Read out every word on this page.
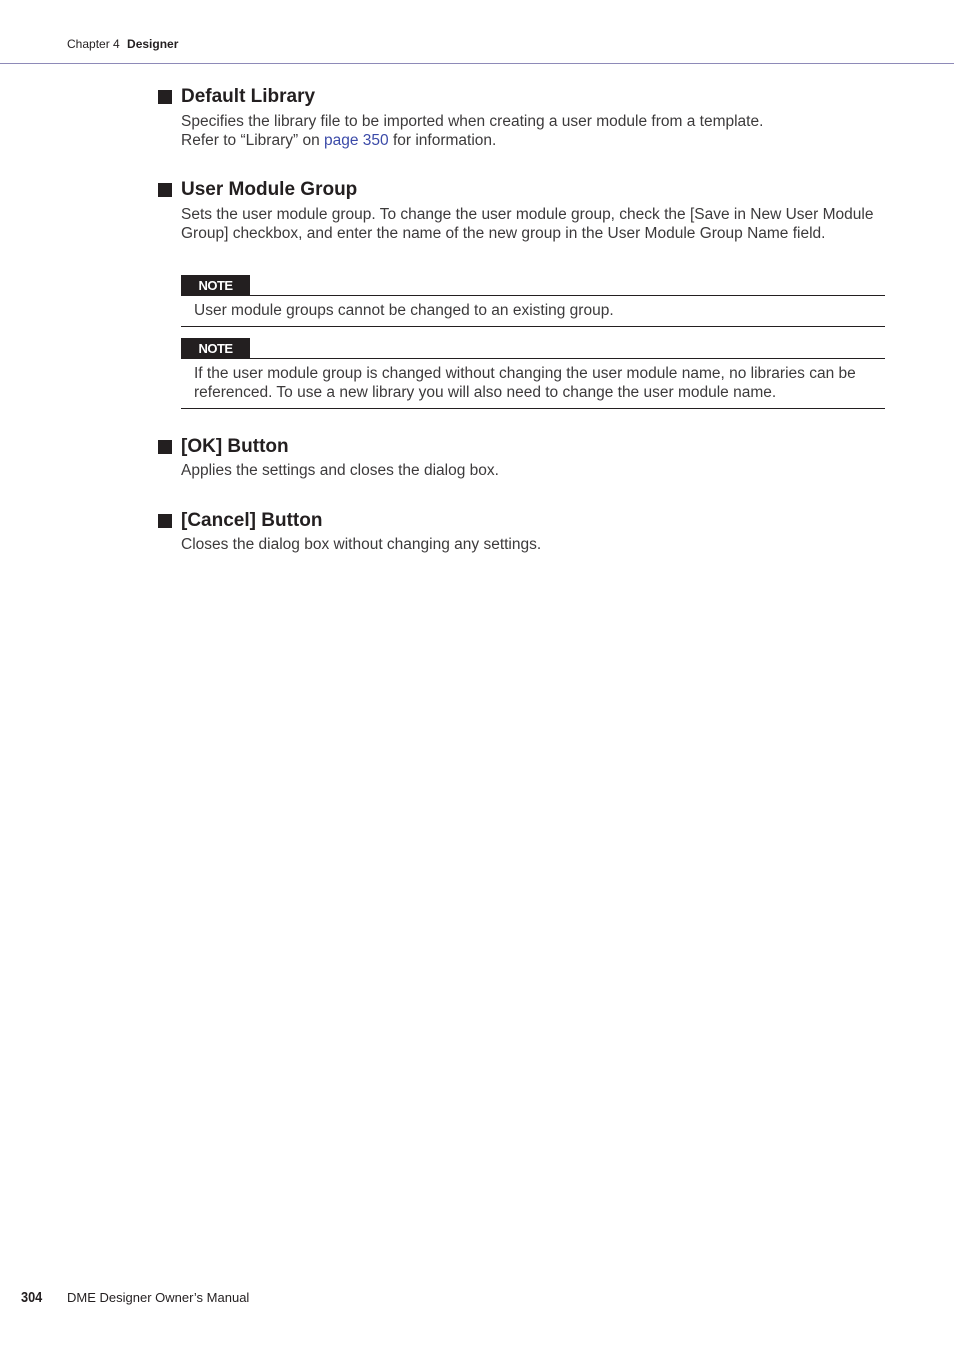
Chapter 4 Designer
Default Library
Specifies the library file to be imported when creating a user module from a template.
Refer to “Library” on page 350 for information.
User Module Group
Sets the user module group. To change the user module group, check the [Save in New User Module Group] checkbox, and enter the name of the new group in the User Module Group Name field.
NOTE
User module groups cannot be changed to an existing group.
NOTE
If the user module group is changed without changing the user module name, no libraries can be referenced. To use a new library you will also need to change the user module name.
[OK] Button
Applies the settings and closes the dialog box.
[Cancel] Button
Closes the dialog box without changing any settings.
304 DME Designer Owner’s Manual
